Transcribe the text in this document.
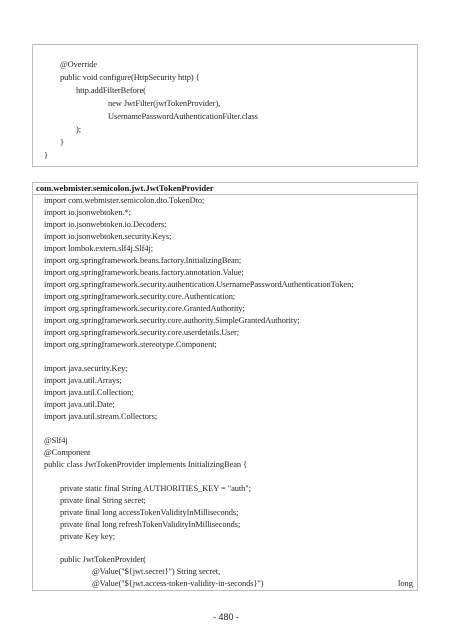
@Override
public void configure(HttpSecurity http) {
http.addFilterBefore(
new JwtFilter(jwtTokenProvider),
UsernamePasswordAuthenticationFilter.class
);
}
}
com.webmister.semicolon.jwt.JwtTokenProvider
import com.webmister.semicolon.dto.TokenDto;
import io.jsonwebtoken.*;
import io.jsonwebtoken.io.Decoders;
import io.jsonwebtoken.security.Keys;
import lombok.extern.slf4j.Slf4j;
import org.springframework.beans.factory.InitializingBean;
import org.springframework.beans.factory.annotation.Value;
import org.springframework.security.authentication.UsernamePasswordAuthenticationToken;
import org.springframework.security.core.Authentication;
import org.springframework.security.core.GrantedAuthority;
import org.springframework.security.core.authority.SimpleGrantedAuthority;
import org.springframework.security.core.userdetails.User;
import org.springframework.stereotype.Component;
import java.security.Key;
import java.util.Arrays;
import java.util.Collection;
import java.util.Date;
import java.util.stream.Collectors;
@Slf4j
@Component
public class JwtTokenProvider implements InitializingBean {
private static final String AUTHORITIES_KEY = "auth";
private final String secret;
private final long accessTokenValidityInMilliseconds;
private final long refreshTokenValidityInMilliseconds;
private Key key;
public JwtTokenProvider(
@Value("${jwt.secret}") String secret,
@Value("${jwt.access-token-validity-in-seconds}")	long
- 480 -
